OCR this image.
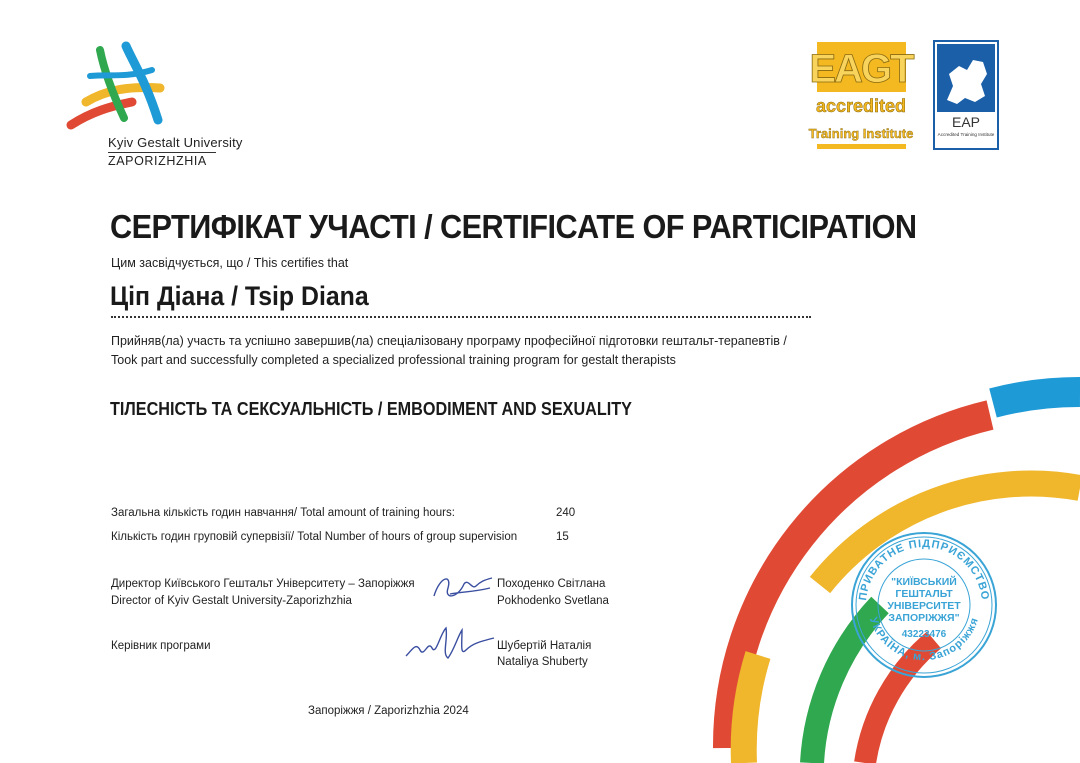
Kyiv Gestalt University
ZAPORIZHZHIA
EAGT
accredited
Training Institute
EAP
Accredited Training Institute
СЕРТИФІКАТ УЧАСТІ / CERTIFICATE OF PARTICIPATION
Цим засвідчується, що / This certifies that
Ціп Діана / Tsip Diana
Прийняв(ла) участь та успішно завершив(ла) спеціалізовану програму професійної підготовки гештальт-терапевтів /
Took part and successfully completed a specialized professional training program for gestalt therapists
ТІЛЕСНІСТЬ ТА СЕКСУАЛЬНІСТЬ / EMBODIMENT AND SEXUALITY
Загальна кількість годин навчання/ Total amount of training hours:	240
Кількість годин груповій супервізії/ Total Number of hours of group supervision	15
Директор Київського Гештальт Університету – Запоріжжя
Director of Kyiv Gestalt University-Zaporizhzhia
Походенко Світлана
Pokhodenko Svetlana
Керівник програми	Шубертій Наталія
Nataliya Shuberty
Запоріжжя / Zaporizhzhia 2024
ПРИВАТНЕ ПІДПРИЄМСТВО
УКРАЇНА, м. Запоріжжя
"КИЇВСЬКИЙ
ГЕШТАЛЬТ
УНІВЕРСИТЕТ
ЗАПОРІЖЖЯ"
43223476
